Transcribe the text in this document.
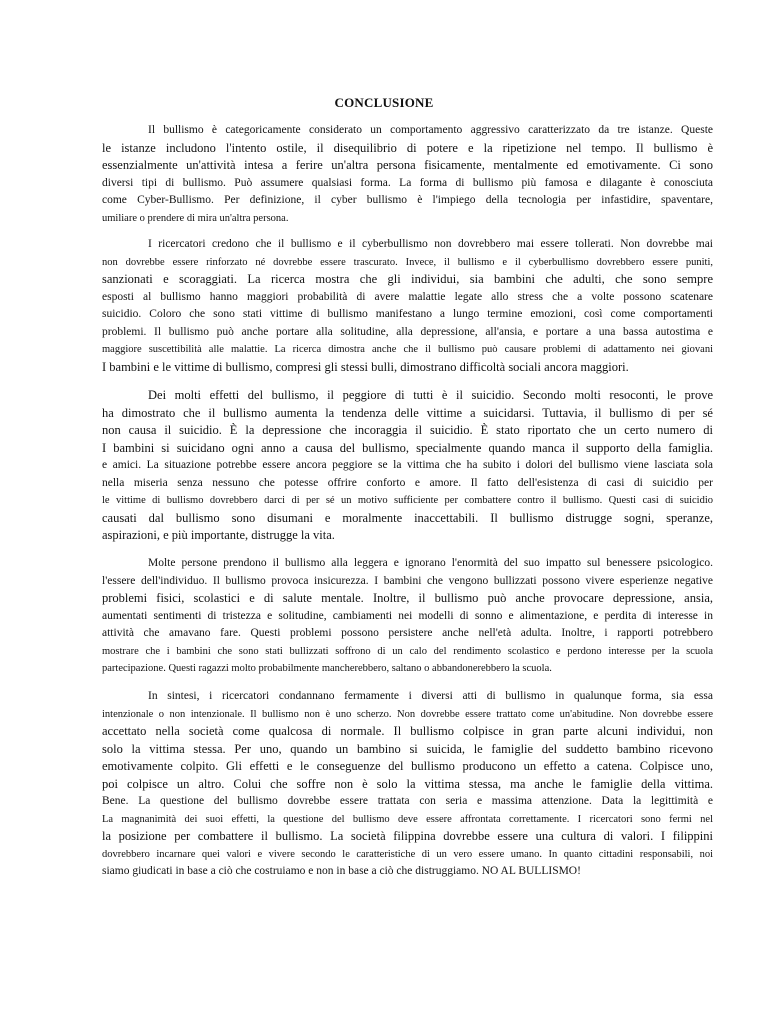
CONCLUSIONE
Il bullismo è categoricamente considerato un comportamento aggressivo caratterizzato da tre istanze. Queste
le istanze includono l'intento ostile, il disequilibrio di potere e la ripetizione nel tempo. Il bullismo è
essenzialmente un'attività intesa a ferire un'altra persona fisicamente, mentalmente ed emotivamente. Ci sono
diversi tipi di bullismo. Può assumere qualsiasi forma. La forma di bullismo più famosa e dilagante è conosciuta
come Cyber-Bullismo. Per definizione, il cyber bullismo è l'impiego della tecnologia per infastidire, spaventare,
umiliare o prendere di mira un'altra persona.
I ricercatori credono che il bullismo e il cyberbullismo non dovrebbero mai essere tollerati. Non dovrebbe mai
non dovrebbe essere rinforzato né dovrebbe essere trascurato. Invece, il bullismo e il cyberbullismo dovrebbero essere puniti,
sanzionati e scoraggiati. La ricerca mostra che gli individui, sia bambini che adulti, che sono sempre
esposti al bullismo hanno maggiori probabilità di avere malattie legate allo stress che a volte possono scatenare
suicidio. Coloro che sono stati vittime di bullismo manifestano a lungo termine emozioni, così come comportamenti
problemi. Il bullismo può anche portare alla solitudine, alla depressione, all'ansia, e portare a una bassa autostima e
maggiore suscettibilità alle malattie. La ricerca dimostra anche che il bullismo può causare problemi di adattamento nei giovani
I bambini e le vittime di bullismo, compresi gli stessi bulli, dimostrano difficoltà sociali ancora maggiori.
Dei molti effetti del bullismo, il peggiore di tutti è il suicidio. Secondo molti resoconti, le prove
ha dimostrato che il bullismo aumenta la tendenza delle vittime a suicidarsi. Tuttavia, il bullismo di per sé
non causa il suicidio. È la depressione che incoraggia il suicidio. È stato riportato che un certo numero di
I bambini si suicidano ogni anno a causa del bullismo, specialmente quando manca il supporto della famiglia.
e amici. La situazione potrebbe essere ancora peggiore se la vittima che ha subito i dolori del bullismo viene lasciata sola
nella miseria senza nessuno che potesse offrire conforto e amore. Il fatto dell'esistenza di casi di suicidio per
le vittime di bullismo dovrebbero darci di per sé un motivo sufficiente per combattere contro il bullismo. Questi casi di suicidio
causati dal bullismo sono disumani e moralmente inaccettabili. Il bullismo distrugge sogni, speranze,
aspirazioni, e più importante, distrugge la vita.
Molte persone prendono il bullismo alla leggera e ignorano l'enormità del suo impatto sul benessere psicologico.
l'essere dell'individuo. Il bullismo provoca insicurezza. I bambini che vengono bullizzati possono vivere esperienze negative
problemi fisici, scolastici e di salute mentale. Inoltre, il bullismo può anche provocare depressione, ansia,
aumentati sentimenti di tristezza e solitudine, cambiamenti nei modelli di sonno e alimentazione, e perdita di interesse in
attività che amavano fare. Questi problemi possono persistere anche nell'età adulta. Inoltre, i rapporti potrebbero
mostrare che i bambini che sono stati bullizzati soffrono di un calo del rendimento scolastico e perdono interesse per la scuola
partecipazione. Questi ragazzi molto probabilmente mancherebbero, saltano o abbandonerebbero la scuola.
In sintesi, i ricercatori condannano fermamente i diversi atti di bullismo in qualunque forma, sia essa
intenzionale o non intenzionale. Il bullismo non è uno scherzo. Non dovrebbe essere trattato come un'abitudine. Non dovrebbe essere
accettato nella società come qualcosa di normale. Il bullismo colpisce in gran parte alcuni individui, non
solo la vittima stessa. Per uno, quando un bambino si suicida, le famiglie del suddetto bambino ricevono
emotivamente colpito. Gli effetti e le conseguenze del bullismo producono un effetto a catena. Colpisce uno,
poi colpisce un altro. Colui che soffre non è solo la vittima stessa, ma anche le famiglie della vittima.
Bene. La questione del bullismo dovrebbe essere trattata con seria e massima attenzione. Data la legittimità e
La magnanimità dei suoi effetti, la questione del bullismo deve essere affrontata correttamente. I ricercatori sono fermi nel
la posizione per combattere il bullismo. La società filippina dovrebbe essere una cultura di valori. I filippini
dovrebbero incarnare quei valori e vivere secondo le caratteristiche di un vero essere umano. In quanto cittadini responsabili, noi
siamo giudicati in base a ciò che costruiamo e non in base a ciò che distruggiamo. NO AL BULLISMO!
